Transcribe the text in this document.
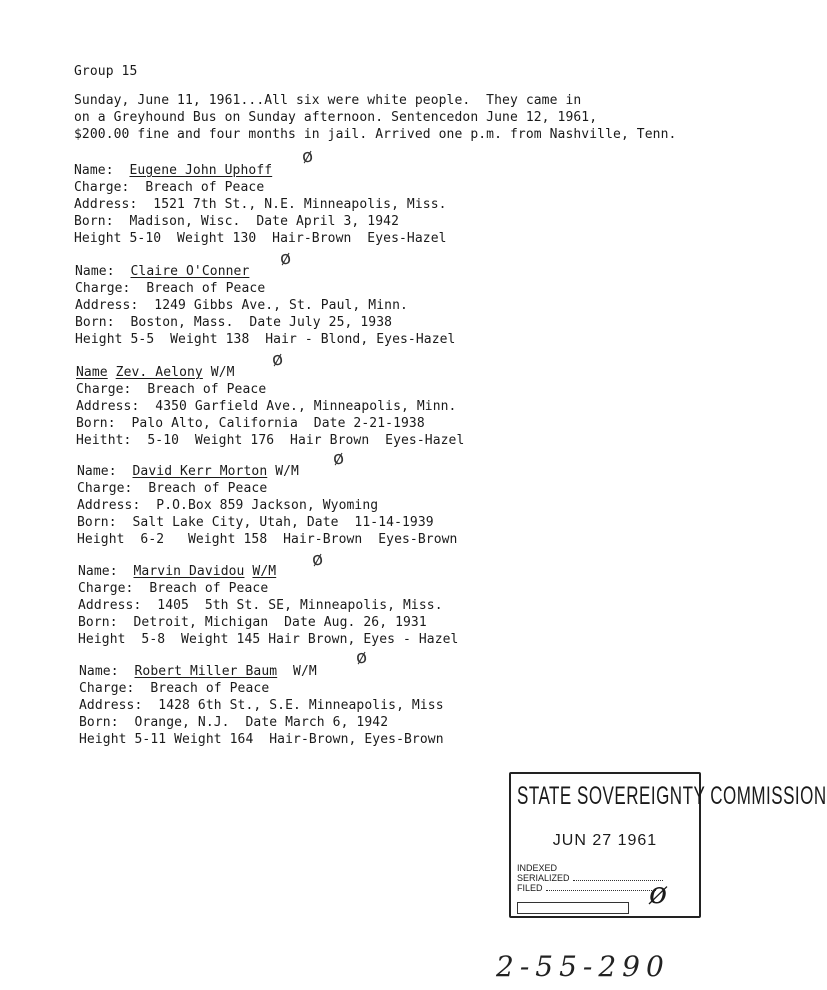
Group 15
Sunday, June 11, 1961...All six were white people.  They came in
on a Greyhound Bus on Sunday afternoon. Sentencedon June 12, 1961,
$200.00 fine and four months in jail. Arrived one p.m. from Nashville, Tenn.
Name: Eugene John Uphoff
ø
Charge:  Breach of Peace
Address:  1521 7th St., N.E. Minneapolis, Miss.
Born:  Madison, Wisc.  Date April 3, 1942
Height 5-10  Weight 130  Hair-Brown  Eyes-Hazel
Name: Claire O'Conner
ø
Charge:  Breach of Peace
Address:  1249 Gibbs Ave., St. Paul, Minn.
Born:  Boston, Mass.  Date July 25, 1938
Height 5-5  Weight 138  Hair - Blond, Eyes-Hazel
Name Zev. Aelony W/M
ø
Charge:  Breach of Peace
Address:  4350 Garfield Ave., Minneapolis, Minn.
Born:  Palo Alto, California  Date 2-21-1938
Heitht:  5-10  Weight 176  Hair Brown  Eyes-Hazel
Name: David Kerr Morton W/M
ø
Charge:  Breach of Peace
Address:  P.O.Box 859 Jackson, Wyoming
Born:  Salt Lake City, Utah, Date  11-14-1939
Height  6-2   Weight 158  Hair-Brown  Eyes-Brown
Name: Marvin Davidou W/M
ø
Charge:  Breach of Peace
Address:  1405  5th St. SE, Minneapolis, Miss.
Born:  Detroit, Michigan  Date Aug. 26, 1931
Height  5-8  Weight 145 Hair Brown, Eyes - Hazel
Name: Robert Miller Baum W/M
ø
Charge:  Breach of Peace
Address:  1428 6th St., S.E. Minneapolis, Miss
Born:  Orange, N.J.  Date March 6, 1942
Height 5-11 Weight 164  Hair-Brown, Eyes-Brown
STATE SOVEREIGNTY COMMISSION
JUN 27 1961
INDEXED
SERIALIZED
FILED	ø
2-55-290
